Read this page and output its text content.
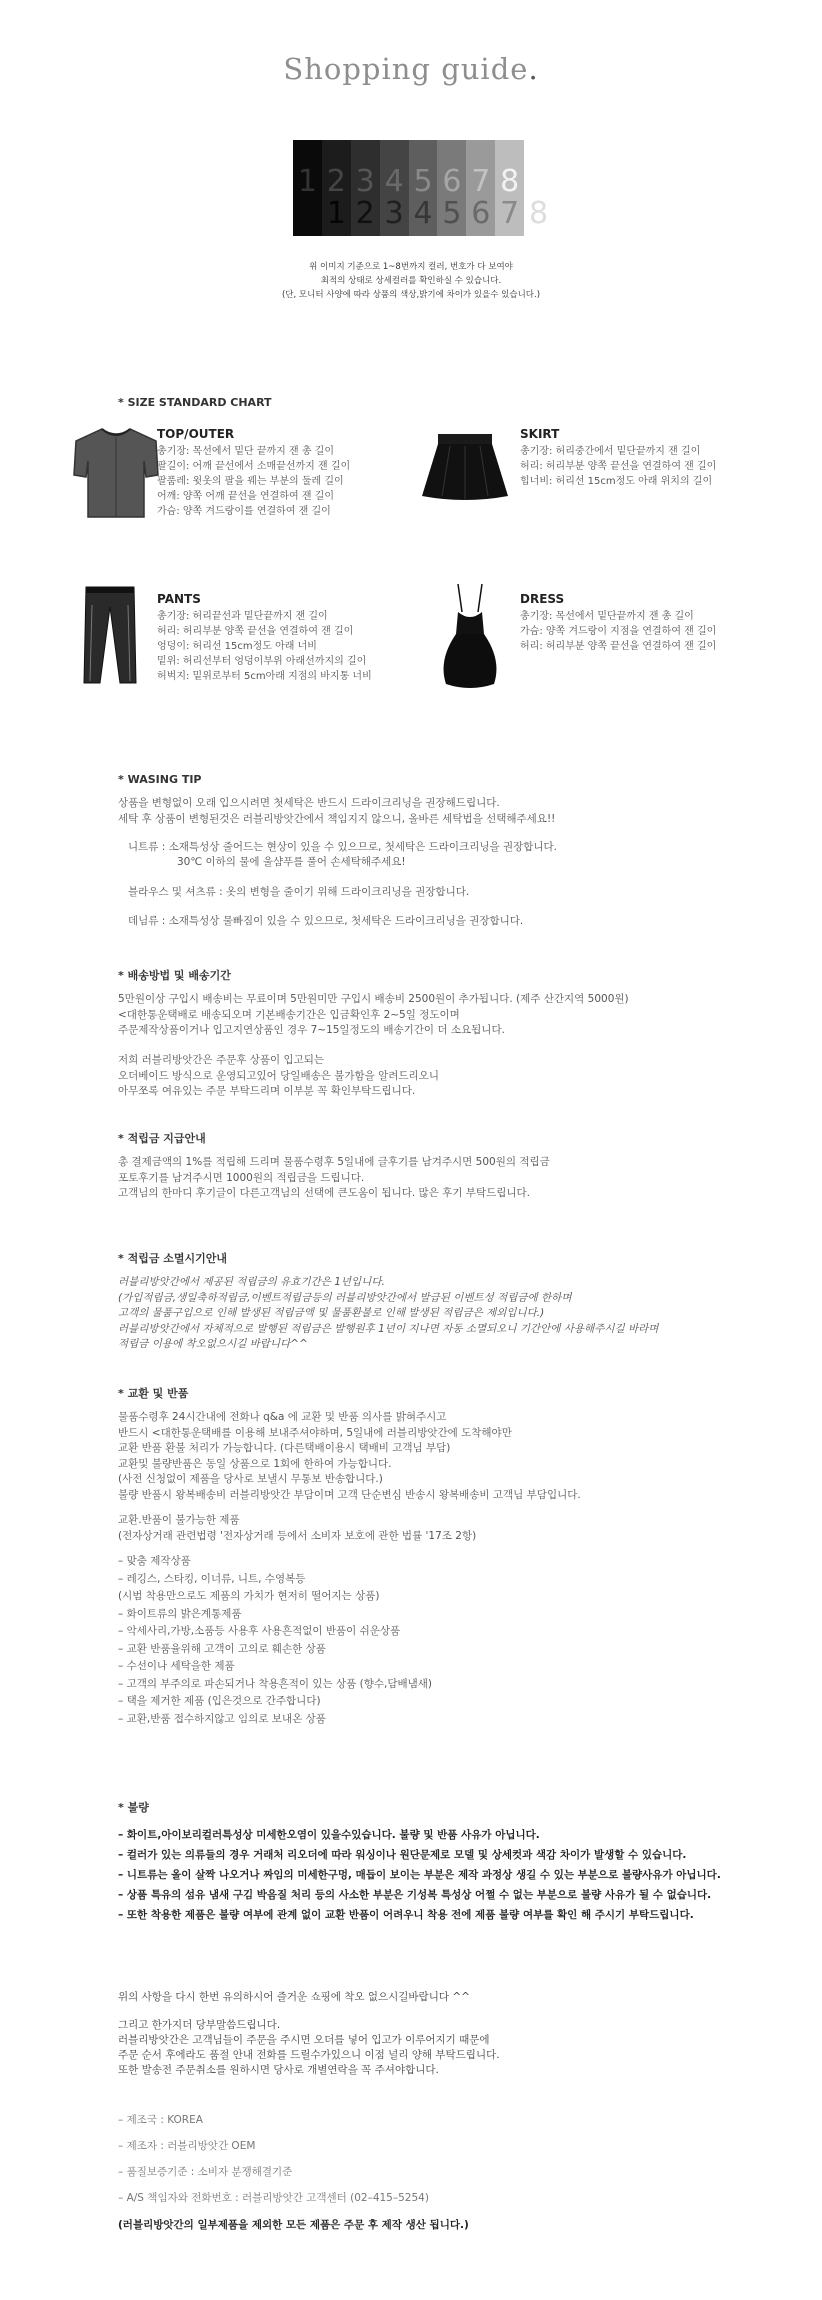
Shopping guide.
1 2
1
3
2
4
3
5
4
6
5
7
6
8
7 8
위 이미지 기준으로 1~8번까지 컬러, 번호가 다 보여야
최적의 상태로 상세컬러를 확인하실 수 있습니다.
(단, 모니터 사양에 따라 상품의 색상,밝기에 차이가 있을수 있습니다.)
* SIZE STANDARD CHART
TOP/OUTER
총기장: 목선에서 밑단 끝까지 잰 총 길이
팔길이: 어깨 끝선에서 소매끝선까지 잰 길이
팔품레: 윗옷의 팔을 꿰는 부분의 둘레 길이
어깨: 양쪽 어깨 끝선을 연결하여 잰 길이
가슴: 양쪽 겨드랑이를 연결하여 잰 길이
SKIRT
총기장: 허리중간에서 밑단끝까지 잰 길이
허리: 허리부분 양쪽 끝선을 연결하여 잰 길이
힙너비: 허리선 15cm정도 아래 위치의 길이
PANTS
총기장: 허리끝선과 밑단끝까지 잰 길이
허리: 허리부분 양쪽 끝선을 연결하여 잰 길이
엉덩이: 허리선 15cm정도 아래 너비
밑위: 허리선부터 엉덩이부위 아래선까지의 길이
허벅지: 밑위로부터 5cm아래 지점의 바지통 너비
DRESS
총기장: 목선에서 밑단끝까지 잰 총 길이
가슴: 양쪽 겨드랑이 지점을 연결하여 잰 길이
허리: 허리부분 양쪽 끝선을 연결하여 잰 길이
* WASING TIP
상품을 변형없이 오래 입으시려면 첫세탁은 반드시 드라이크리닝을 권장해드립니다.
세탁 후 상품이 변형된것은 러블리방앗간에서 책임지지 않으니, 올바른 세탁법을 선택해주세요!!
니트류 : 소재특성상 줄어드는 현상이 있을 수 있으므로, 첫세탁은 드라이크리닝을 권장합니다.
30℃ 이하의 물에 울샴푸를 풀어 손세탁해주세요!
블라우스 및 셔츠류 : 옷의 변형을 줄이기 위해 드라이크리닝을 권장합니다.
데님류 : 소재특성상 물빠짐이 있을 수 있으므로, 첫세탁은 드라이크리닝을 권장합니다.
* 배송방법 및 배송기간
5만원이상 구입시 배송비는 무료이며 5만원미만 구입시 배송비 2500원이 추가됩니다. (제주 산간지역 5000원)
<대한통운택배로 배송되오며 기본배송기간은 입금확인후 2~5일 정도이며
주문제작상품이거나 입고지연상품인 경우 7~15일정도의 배송기간이 더 소요됩니다.
저희 러블리방앗간은 주문후 상품이 입고되는
오더베이드 방식으로 운영되고있어 당일배송은 불가함을 알려드리오니
아무쪼록 여유있는 주문 부탁드리며 이부분 꼭 확인부탁드립니다.
* 적립금 지급안내
총 결제금액의 1%를 적립해 드리며 물품수령후 5일내에 글후기를 남겨주시면 500원의 적립금
포토후기를 남겨주시면 1000원의 적립금을 드립니다.
고객님의 한마디 후기글이 다른고객님의 선택에 큰도움이 됩니다. 많은 후기 부탁드립니다.
* 적립금 소멸시기안내
러블리방앗간에서 제공된 적립금의 유효기간은 1년입니다.
(가입적립금,생일축하적립금,이벤트적립금등의 러블리방앗간에서 발급된 이벤트성 적립금에 한하며
고객의 물품구입으로 인해 발생된 적립금액 및 물품환불로 인해 발생된 적립금은 제외입니다.)
러블리방앗간에서 자체적으로 발행된 적립금은 발행원후 1년이 지나면 자동 소멸되오니 기간안에 사용해주시길 바라며
적립금 이용에 착오없으시길 바랍니다^^
* 교환 및 반품
물품수령후 24시간내에 전화나 q&a 에 교환 및 반품 의사를 밝혀주시고
반드시 <대한통운택배를 이용해 보내주셔야하며, 5일내에 러블리방앗간에 도착해야만
교환 반품 환불 처리가 가능합니다. (다른택배이용시 택배비 고객님 부담)
교환및 불량반품은 동일 상품으로 1회에 한하여 가능합니다.
(사전 신청없이 제품을 당사로 보낼시 무통보 반송합니다.)
불량 반품시 왕복배송비 러블리방앗간 부담이며 고객 단순변심 반송시 왕복배송비 고객님 부담입니다.
교환.반품이 불가능한 제품
(전자상거래 관련법령 '전자상거래 등에서 소비자 보호에 관한 법률 '17조 2항)
– 맞춤 제작상품
– 레깅스, 스타킹, 이너류, 니트, 수영복등
(시범 착용만으로도 제품의 가치가 현저히 떨어지는 상품)
– 화이트류의 밝은계통제품
– 악세사리,가방,소품등 사용후 사용흔적없이 반품이 쉬운상품
– 교환 반품율위해 고객이 고의로 훼손한 상품
– 수선이나 세탁을한 제품
– 고객의 부주의로 파손되거나 착용흔적이 있는 상품 (향수,담배냄새)
– 택을 제거한 제품 (입은것으로 간주합니다)
– 교환,반품 접수하지않고 임의로 보내온 상품
* 불량
– 화이트,아이보리컬러특성상 미세한오염이 있을수있습니다. 불량 및 반품 사유가 아닙니다.
– 컬러가 있는 의류들의 경우 거래처 리오더에 따라 워싱이나 원단문제로 모델 및 상세컷과 색감 차이가 발생할 수 있습니다.
– 니트류는 올이 살짝 나오거나 짜임의 미세한구멍, 매듭이 보이는 부분은 제작 과정상 생길 수 있는 부분으로 불량사유가 아닙니다.
– 상품 특유의 섬유 냄새 구김 박음질 처리 등의 사소한 부분은 기성복 특성상 어쩔 수 없는 부분으로 불량 사유가 될 수 없습니다.
– 또한 착용한 제품은 불량 여부에 관계 없이 교환 반품이 어려우니 착용 전에 제품 불량 여부를 확인 해 주시기 부탁드립니다.
위의 사항을 다시 한번 유의하시어 즐거운 쇼핑에 착오 없으시길바랍니다 ^^
그리고 한가지더 당부말씀드립니다.
러블리방앗간은 고객님들이 주문을 주시면 오더를 넣어 입고가 이루어지기 때문에
주문 순서 후에라도 품절 안내 전화를 드릴수가있으니 이점 널리 양해 부탁드립니다.
또한 발송전 주문취소를 원하시면 당사로 개별연락을 꼭 주셔야합니다.
– 제조국 : KOREA
– 제조자 : 러블리방앗간 OEM
– 품질보증기준 : 소비자 분쟁해결기준
– A/S 책임자와 전화번호 : 러블리방앗간 고객센터 (02–415–5254)
(러블리방앗간의 일부제품을 제외한 모든 제품은 주문 후 제작 생산 됩니다.)
